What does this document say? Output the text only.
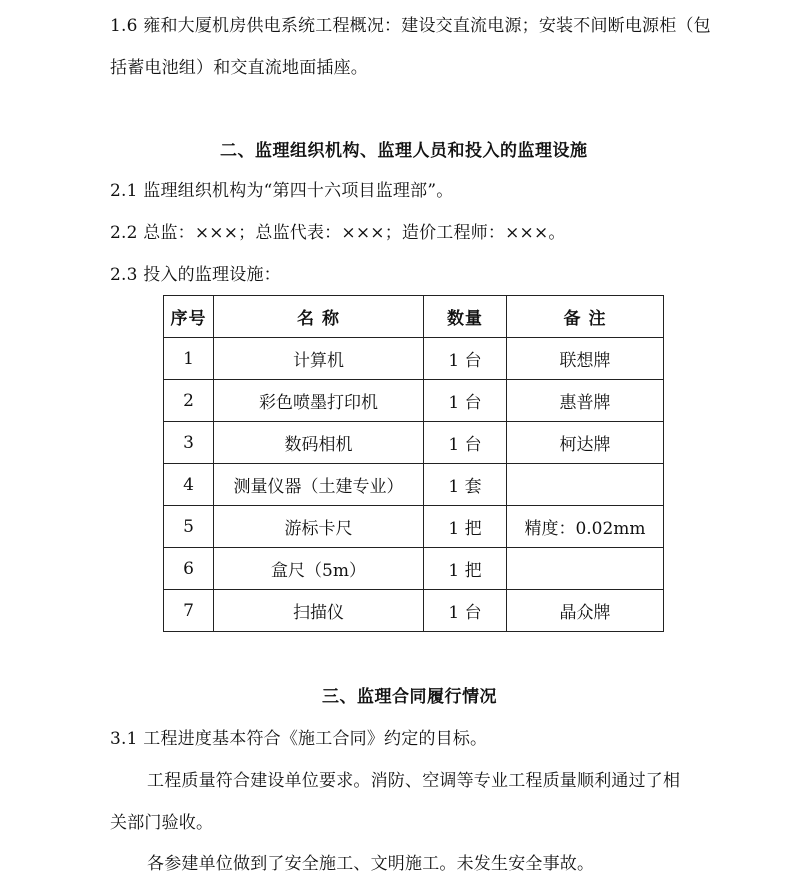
1.6 雍和大厦机房供电系统工程概况：建设交直流电源；安装不间断电源柜（包
括蓄电池组）和交直流地面插座。
二、监理组织机构、监理人员和投入的监理设施
2.1 监理组织机构为“第四十六项目监理部”。
2.2 总监：×××；总监代表：×××；造价工程师：×××。
2.3 投入的监理设施：
序号	名 称	数量	备 注
1	计算机	1 台	联想牌
2	彩色喷墨打印机	1 台	惠普牌
3	数码相机	1 台	柯达牌
4	测量仪器（土建专业）	1 套	
5	游标卡尺	1 把	精度：0.02mm
6	盒尺（5m）	1 把	
7	扫描仪	1 台	晶众牌
三、监理合同履行情况
3.1 工程进度基本符合《施工合同》约定的目标。
工程质量符合建设单位要求。消防、空调等专业工程质量顺利通过了相
关部门验收。
各参建单位做到了安全施工、文明施工。未发生安全事故。
